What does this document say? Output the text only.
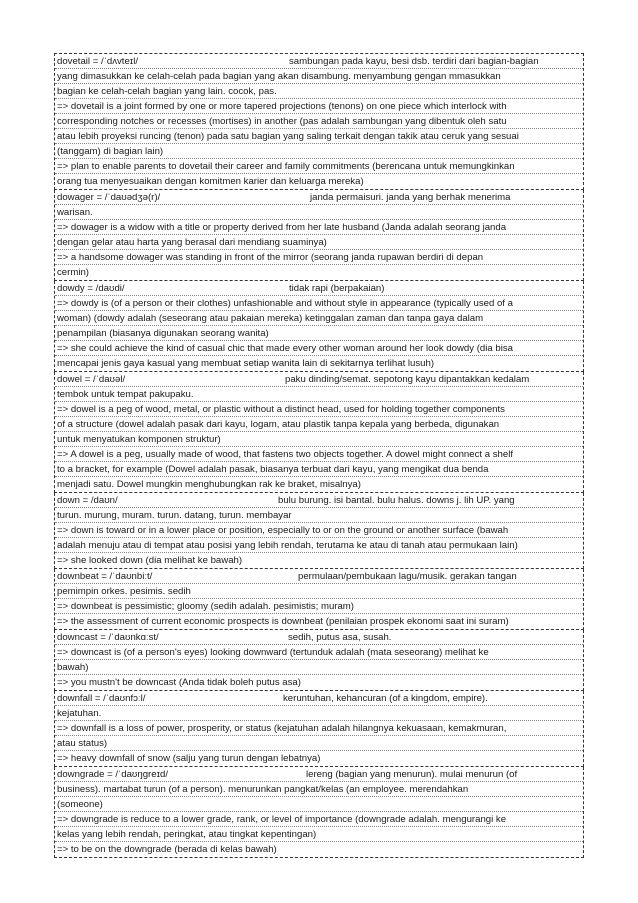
dovetail = /ˈdʌvteɪl/	sambungan pada kayu, besi dsb. terdiri dari bagian-bagian
yang dimasukkan ke celah-celah pada bagian yang akan disambung. menyambung gengan mmasukkan
bagian ke celah-celah bagian yang lain. cocok, pas.
=> dovetail is a joint formed by one or more tapered projections (tenons) on one piece which interlock with
corresponding notches or recesses (mortises) in another (pas adalah sambungan yang dibentuk oleh satu
atau lebih proyeksi runcing (tenon) pada satu bagian yang saling terkait dengan takik atau ceruk yang sesuai
(tanggam) di bagian lain)
=> plan to enable parents to dovetail their career and family commitments (berencana untuk memungkinkan
orang tua menyesuaikan dengan komitmen karier dan keluarga mereka)
dowager = /ˈdaʊədʒə(r)/	janda permaisuri. janda yang berhak menerima
warisan.
=> dowager is a widow with a title or property derived from her late husband (Janda adalah seorang janda
dengan gelar atau harta yang berasal dari mendiang suaminya)
=> a handsome dowager was standing in front of the mirror (seorang janda rupawan berdiri di depan
cermin)
dowdy = /daʊdi/	tidak rapi (berpakaian)
=> dowdy is (of a person or their clothes) unfashionable and without style in appearance (typically used of a
woman) (dowdy adalah (seseorang atau pakaian mereka) ketinggalan zaman dan tanpa gaya dalam
penampilan (biasanya digunakan seorang wanita)
=> she could achieve the kind of casual chic that made every other woman around her look dowdy (dia bisa
mencapai jenis gaya kasual yang membuat setiap wanita lain di sekitarnya terlihat lusuh)
dowel = /ˈdaʊəl/	paku dinding/semat. sepotong kayu dipantakkan kedalam
tembok untuk tempat pakupaku.
=> dowel is a peg of wood, metal, or plastic without a distinct head, used for holding together components
of a structure (dowel adalah pasak dari kayu, logam, atau plastik tanpa kepala yang berbeda, digunakan
untuk menyatukan komponen struktur)
=> A dowel is a peg, usually made of wood, that fastens two objects together. A dowel might connect a shelf
to a bracket, for example (Dowel adalah pasak, biasanya terbuat dari kayu, yang mengikat dua benda
menjadi satu. Dowel mungkin menghubungkan rak ke braket, misalnya)
down = /daʊn/	bulu burung. isi bantal. bulu halus. downs j. lih UP. yang
turun. murung, muram. turun. datang, turun. membayar
=> down is toward or in a lower place or position, especially to or on the ground or another surface (bawah
adalah menuju atau di tempat atau posisi yang lebih rendah, terutama ke atau di tanah atau permukaan lain)
=> she looked down (dia melihat ke bawah)
downbeat = /ˈdaʊnbiːt/	permulaan/pembukaan lagu/musik. gerakan tangan
pemimpin orkes. pesimis. sedih
=> downbeat is pessimistic; gloomy (sedih adalah. pesimistis; muram)
=> the assessment of current economic prospects is downbeat (penilaian prospek ekonomi saat ini suram)
downcast = /ˈdaʊnkɑːst/	sedih, putus asa, susah.
=> downcast is (of a person's eyes) looking downward (tertunduk adalah (mata seseorang) melihat ke
bawah)
=> you mustn't be downcast (Anda tidak boleh putus asa)
downfall = /ˈdaʊnfɔːl/	keruntuhan, kehancuran (of a kingdom, empire).
kejatuhan.
=> downfall is a loss of power, prosperity, or status (kejatuhan adalah hilangnya kekuasaan, kemakmuran,
atau status)
=> heavy downfall of snow (salju yang turun dengan lebatnya)
downgrade = /ˈdaʊŋgreɪd/	lereng (bagian yang menurun). mulai menurun (of
business). martabat turun (of a person). menurunkan pangkat/kelas (an employee. merendahkan
(someone)
=> downgrade is reduce to a lower grade, rank, or level of importance (downgrade adalah. mengurangi ke
kelas yang lebih rendah, peringkat, atau tingkat kepentingan)
=> to be on the downgrade (berada di kelas bawah)
